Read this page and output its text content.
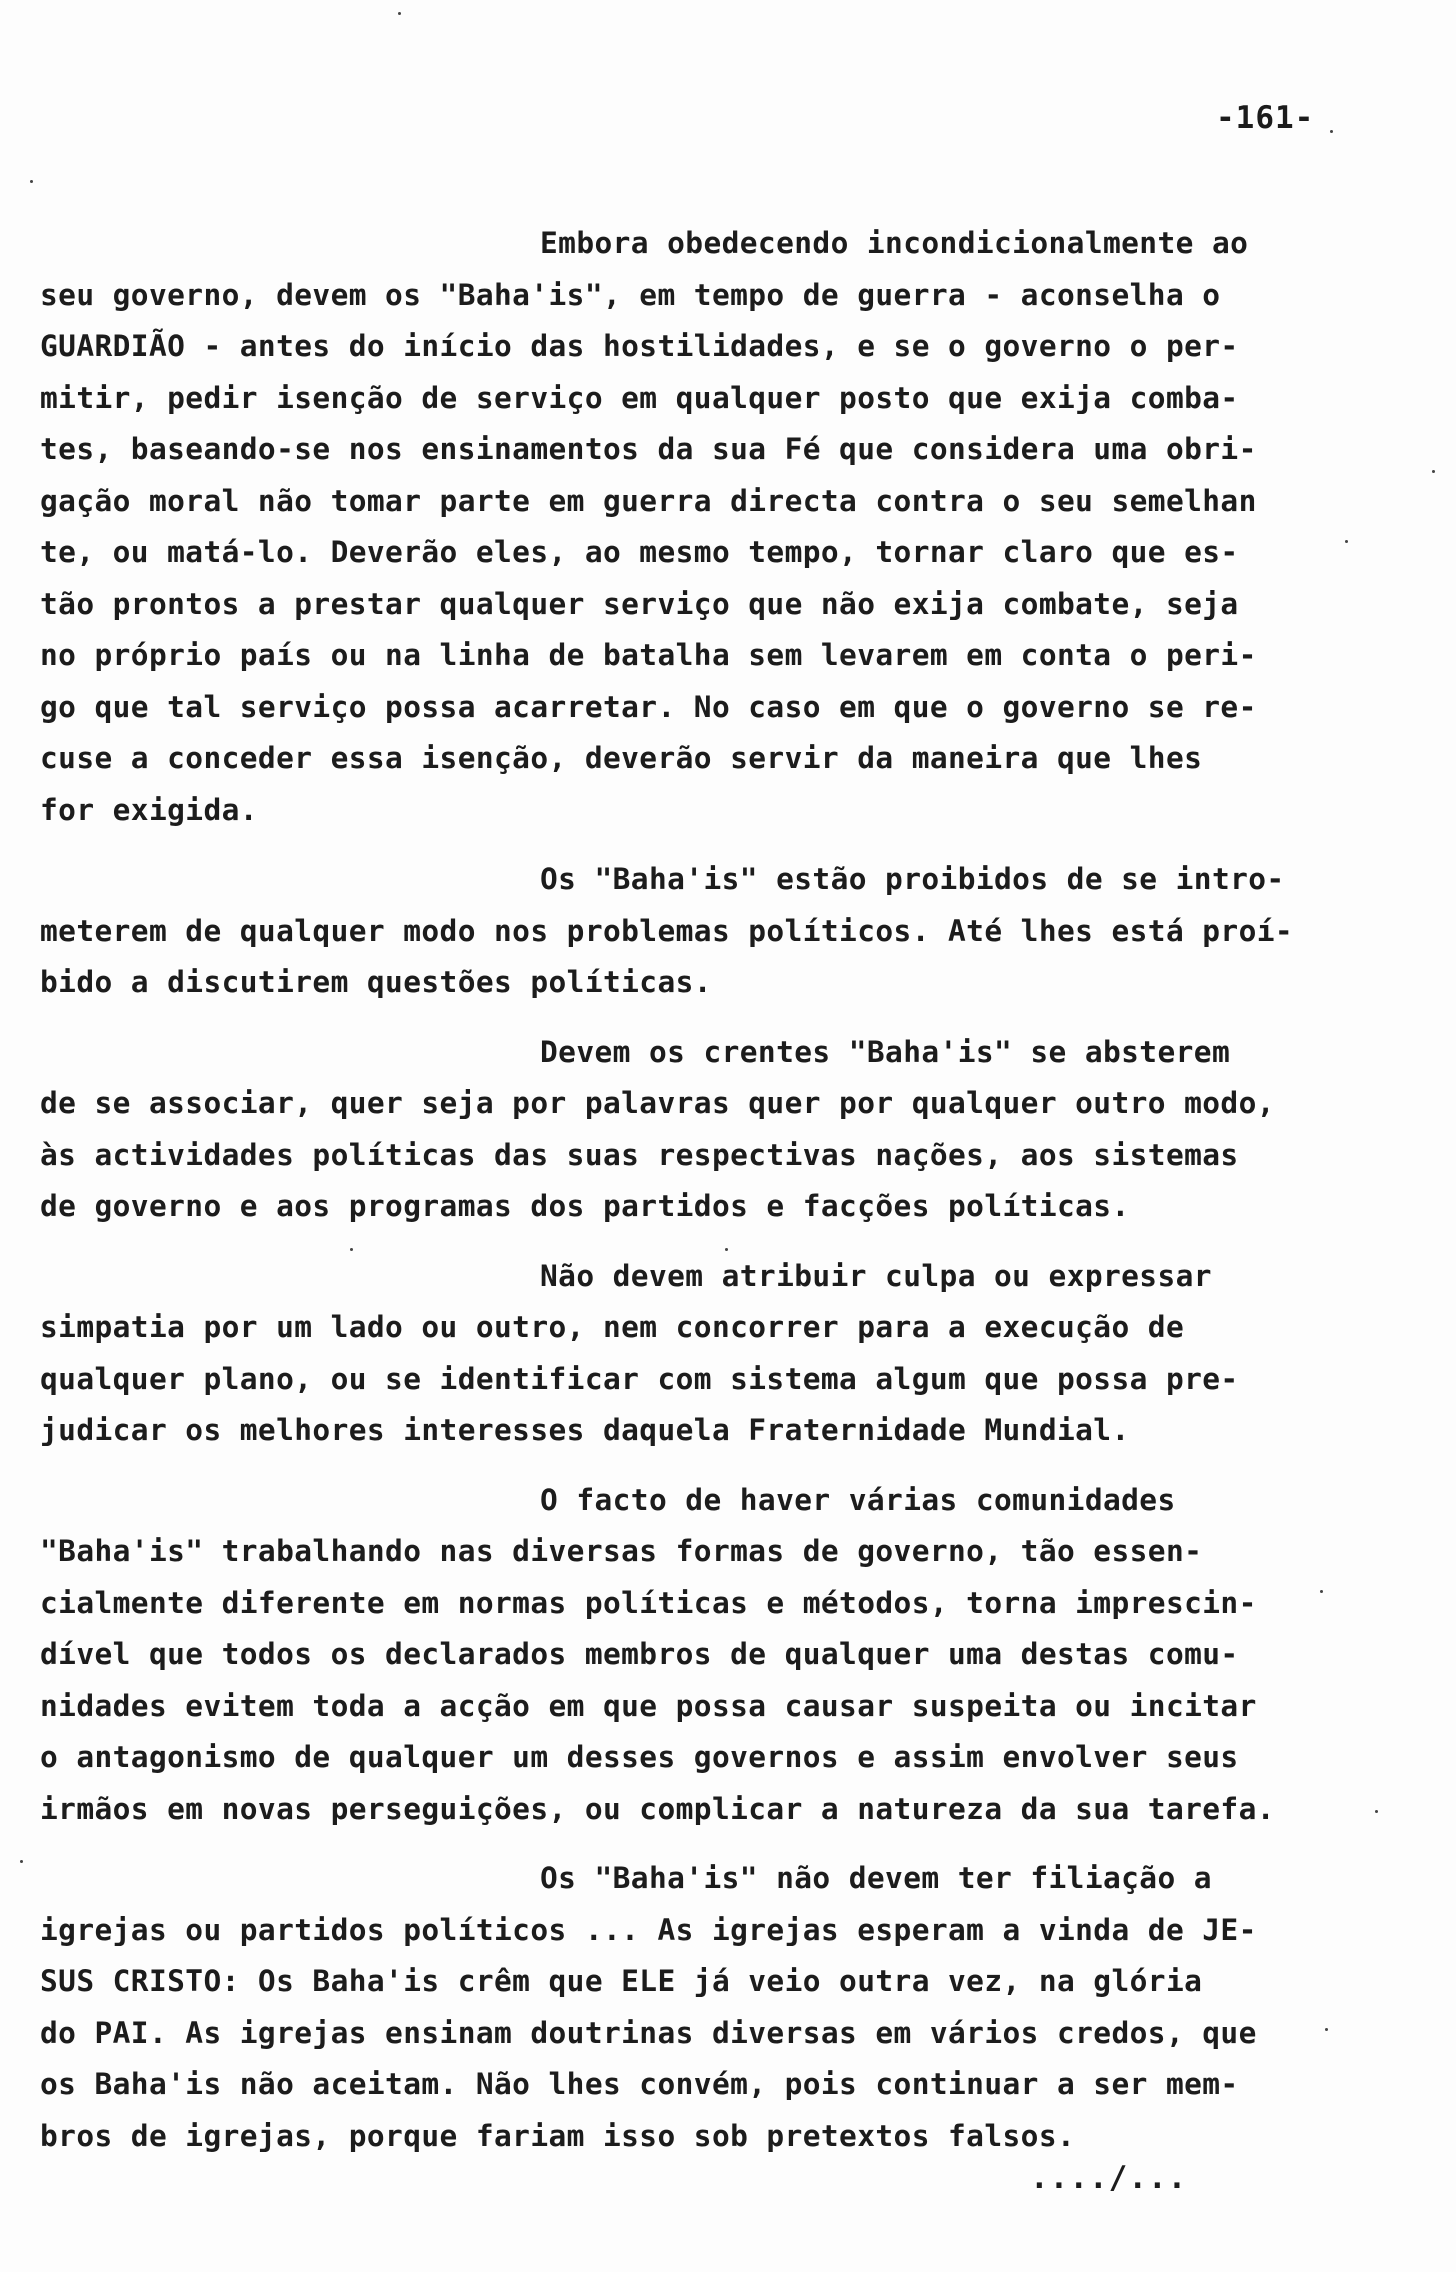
-161-
Embora obedecendo incondicionalmente ao
seu governo, devem os "Baha'is", em tempo de guerra - aconselha o
GUARDIÃO - antes do início das hostilidades, e se o governo o per-
mitir, pedir isenção de serviço em qualquer posto que exija comba-
tes, baseando-se nos ensinamentos da sua Fé que considera uma obri-
gação moral não tomar parte em guerra directa contra o seu semelhan
te, ou matá-lo. Deverão eles, ao mesmo tempo, tornar claro que es-
tão prontos a prestar qualquer serviço que não exija combate, seja
no próprio país ou na linha de batalha sem levarem em conta o peri-
go que tal serviço possa acarretar. No caso em que o governo se re-
cuse a conceder essa isenção, deverão servir da maneira que lhes
for exigida.
Os "Baha'is" estão proibidos de se intro-
meterem de qualquer modo nos problemas políticos. Até lhes está proí-
bido a discutirem questões políticas.
Devem os crentes "Baha'is" se absterem
de se associar, quer seja por palavras quer por qualquer outro modo,
às actividades políticas das suas respectivas nações, aos sistemas
de governo e aos programas dos partidos e facções políticas.
Não devem atribuir culpa ou expressar
simpatia por um lado ou outro, nem concorrer para a execução de
qualquer plano, ou se identificar com sistema algum que possa pre-
judicar os melhores interesses daquela Fraternidade Mundial.
O facto de haver várias comunidades
"Baha'is" trabalhando nas diversas formas de governo, tão essen-
cialmente diferente em normas políticas e métodos, torna imprescin-
dível que todos os declarados membros de qualquer uma destas comu-
nidades evitem toda a acção em que possa causar suspeita ou incitar
o antagonismo de qualquer um desses governos e assim envolver seus
irmãos em novas perseguições, ou complicar a natureza da sua tarefa.
Os "Baha'is" não devem ter filiação a
igrejas ou partidos políticos ... As igrejas esperam a vinda de JE-
SUS CRISTO: Os Baha'is crêm que ELE já veio outra vez, na glória
do PAI. As igrejas ensinam doutrinas diversas em vários credos, que
os Baha'is não aceitam. Não lhes convém, pois continuar a ser mem-
bros de igrejas, porque fariam isso sob pretextos falsos.
..../...
